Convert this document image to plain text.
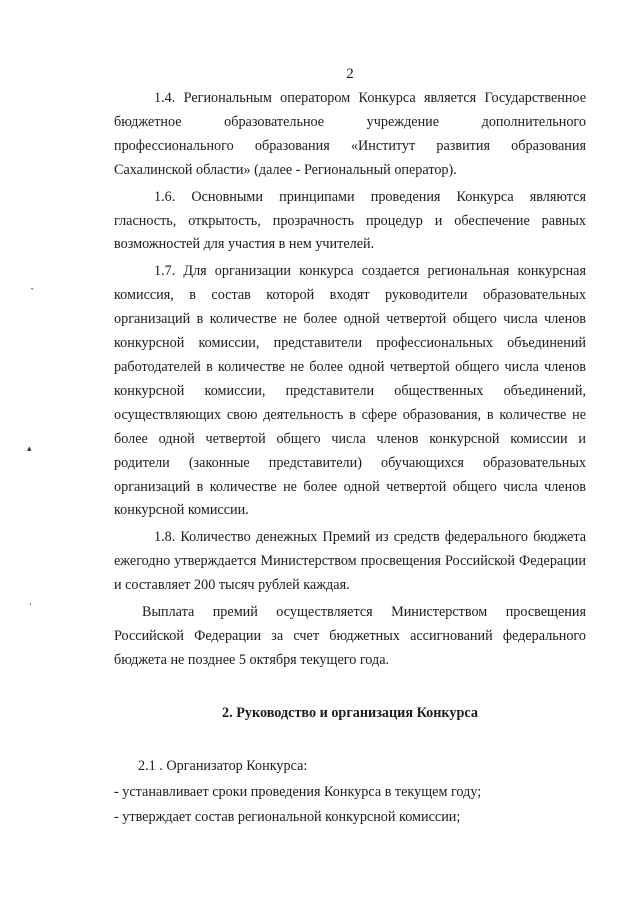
2
ˇ
▴
ˌ

1.4. Региональным оператором Конкурса является Государственное бюджетное образовательное учреждение дополнительного профессионального образования «Институт развития образования Сахалинской области» (далее - Региональный оператор).

1.6. Основными принципами проведения Конкурса являются гласность, открытость, прозрачность процедур и обеспечение равных возможностей для участия в нем учителей.

1.7. Для организации конкурса создается региональная конкурсная комиссия, в состав которой входят руководители образовательных организаций в количестве не более одной четвертой общего числа членов конкурсной комиссии, представители профессиональных объединений работодателей в количестве не более одной четвертой общего числа членов конкурсной комиссии, представители общественных объединений, осуществляющих свою деятельность в сфере образования, в количестве не более одной четвертой общего числа членов конкурсной комиссии и родители (законные представители) обучающихся образовательных организаций в количестве не более одной четвертой общего числа членов конкурсной комиссии.

1.8. Количество денежных Премий из средств федерального бюджета ежегодно утверждается Министерством просвещения Российской Федерации и составляет 200 тысяч рублей каждая.

Выплата премий осуществляется Министерством просвещения Российской Федерации за счет бюджетных ассигнований федерального бюджета не позднее 5 октября текущего года.

2. Руководство и организация Конкурса

2.1 . Организатор Конкурса:

- устанавливает сроки проведения Конкурса в текущем году;

- утверждает состав региональной конкурсной комиссии;
